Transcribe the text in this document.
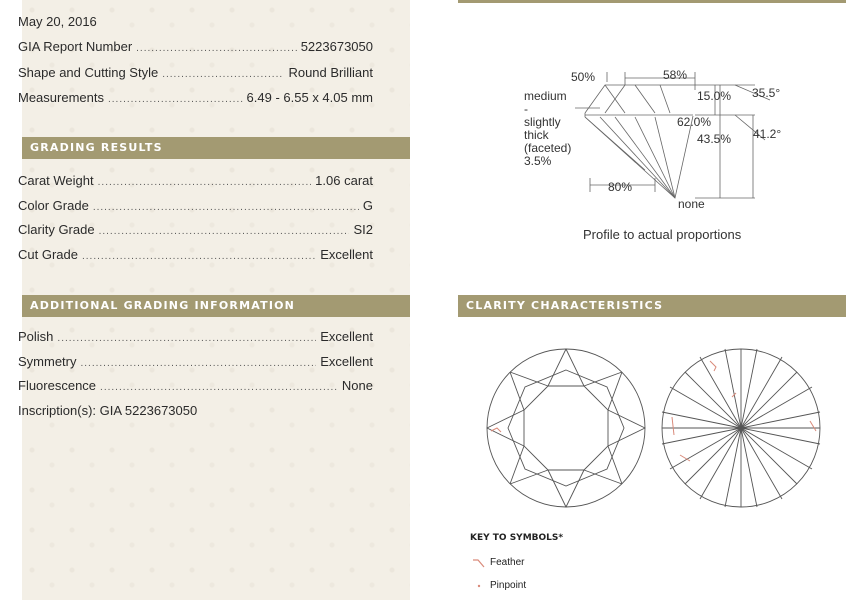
May 20, 2016
GIA Report Number .....	5223673050
Shape and Cutting Style .....	Round Brilliant
Measurements .....	6.49 - 6.55 x 4.05 mm
GRADING RESULTS
Carat Weight .....	1.06 carat
Color Grade .....	G
Clarity Grade .....	SI2
Cut Grade .....	Excellent
ADDITIONAL GRADING INFORMATION
Polish .....	Excellent
Symmetry .....	Excellent
Fluorescence .....	None
Inscription(s): GIA 5223673050
50%	58%
15.0% 35.5°
medium
-
slightly
thick
(faceted)
3.5%
62.0%
43.5% 41.2°
80%
none
Profile to actual proportions
CLARITY CHARACTERISTICS
KEY TO SYMBOLS*
Feather
Pinpoint
